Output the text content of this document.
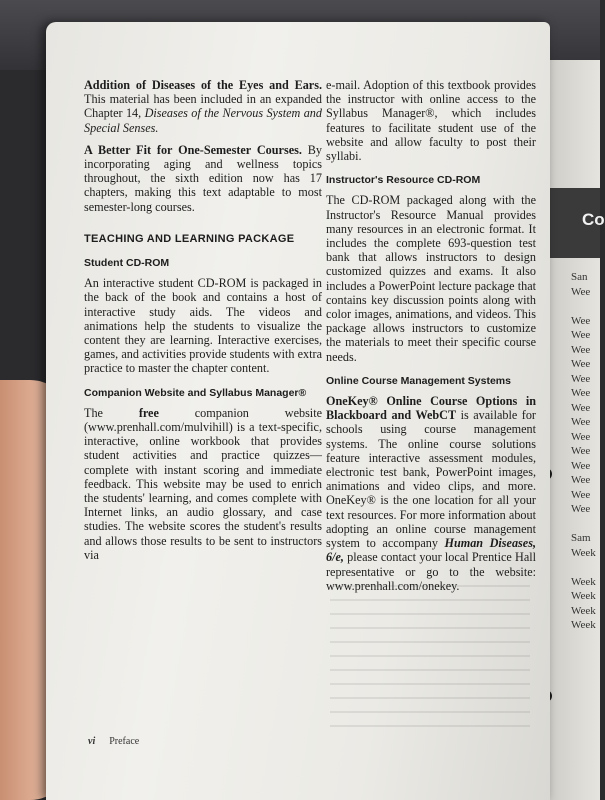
Co
San
Wee

Wee
Wee
Wee
Wee
Wee
Wee
Wee
Wee
Wee
Wee
Wee
Wee
Wee
Wee

Sam
Week

Week
Week
Week
Week

Addition of Diseases of the Eyes and Ears. This material has been included in an expanded Chapter 14, Diseases of the Nervous System and Special Senses.

A Better Fit for One-Semester Courses. By incorporating aging and wellness topics throughout, the sixth edition now has 17 chapters, making this text adaptable to most semester-long courses.

TEACHING AND LEARNING PACKAGE
Student CD-ROM

An interactive student CD-ROM is packaged in the back of the book and contains a host of interactive study aids. The videos and animations help the students to visualize the content they are learning. Interactive exercises, games, and activities provide students with extra practice to master the chapter content.

Companion Website and Syllabus Manager®

The free companion website (www.prenhall.com/mulvihill) is a text-specific, interactive, online workbook that provides student activities and practice quizzes—complete with instant scoring and immediate feedback. This website may be used to enrich the students' learning, and comes complete with Internet links, an audio glossary, and case studies. The website scores the student's results and allows those results to be sent to instructors via

e-mail. Adoption of this textbook provides the instructor with online access to the Syllabus Manager®, which includes features to facilitate student use of the website and allow faculty to post their syllabi.

Instructor's Resource CD-ROM

The CD-ROM packaged along with the Instructor's Resource Manual provides many resources in an electronic format. It includes the complete 693-question test bank that allows instructors to design customized quizzes and exams. It also includes a PowerPoint lecture package that contains key discussion points along with color images, animations, and videos. This package allows instructors to customize the materials to meet their specific course needs.

Online Course Management Systems

OneKey® Online Course Options in Blackboard and WebCT is available for schools using course management systems. The online course solutions feature interactive assessment modules, electronic test bank, PowerPoint images, animations and video clips, and more. OneKey® is the one location for all your text resources. For more information about adopting an online course management system to accompany Human Diseases, 6/e, please contact your local Prentice Hall representative or go to the website: www.prenhall.com/onekey.

vi Preface
